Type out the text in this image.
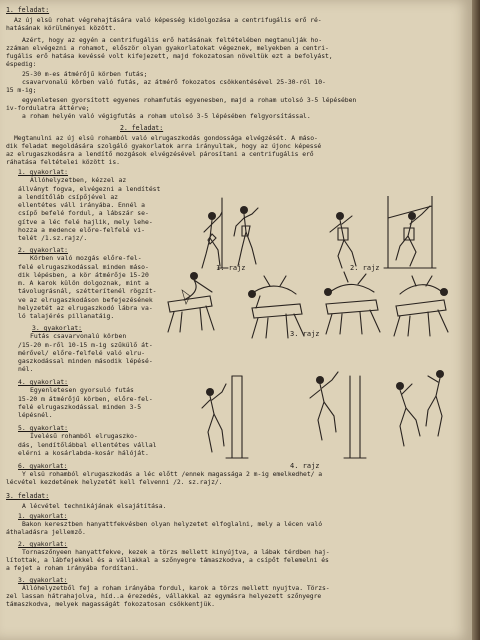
1. feladat:
Az új elsü rohat végrehajtására való képesség kidolgozása a centrifugális erő ré-
hatásának körülményei között.
Azért, hogy az egyén a centrifugális erő hatásának feltételében megtanulják ho-
zzáman elvégezni a rohamot, először olyan gyakorlatokat végeznek, melyekben a centri-
fugális erő hatása kevéssé volt kifejezett, majd fokozatosan növeltük ezt a befolyást,
éspedig:
25-30 m-es átmérőjű körben futás;
csavarvonalú körben való futás, az átmérő fokozatos csökkentésével 25-30-ról 10-
15 m-ig;
egyenletesen gyorsított egyenes rohamfutás egyenesben, majd a roham utolsó 3-5 lépésében
iv-fordulatra áttérve;
a roham helyén való végigfutás a roham utolsó 3-5 lépésében felgyorsítással.
2. feladat:
Megtanulni az új elsü rohamból való elrugaszkodás gondossága elvégzését. A máso-
dik feladat megoldására szolgáló gyakorlatok arra irányultak, hogy az újonc képessé
az elrugaszkodásra a lendítő mozgások elvégzésével párosítani a centrifugális erő
ráhatása feltételei között is.
1. gyakorlat:
Állóhelyzetben, kézzel az
állványt fogva, elvégezni a lendítést
a lendítőláb csípőjével az
ellentétes váll irányába. Ennél a
csípő befelé fordul, a lábszár se-
gítve a léc felé hajlik, mely lehe-
hozza a medence előre-felfelé vi-
telét /1.sz.rajz/.
2. gyakorlat:
Körben való mozgás előre-fel-
felé elrugaszkodással minden máso-
dik lépésben, a kör átmérője 15-20
m. A karok külön dolgoznak, mint a
távolugrásnál, szétterítenél rögzít-
ve az elrugaszkodáson befejezésének
helyzetét az elrugaszkodó lábra va-
ló talajérés pillanatáig.
3. gyakorlat:
Futás csavarvonalú körben
/15-20 m-ről 10-15 m-ig szűkülő át-
mérővel/ előre-felfelé való elru-
gaszkodással minden második lépésé-
nél.
4. gyakorlat:
Egyenletesen gyorsuló futás
15-20 m átmérőjű körben, előre-fel-
felé elrugaszkodással minden 3-5
lépésnél.
5. gyakorlat:
Ívelésű rohamból elrugaszko-
dás, lendítőlábbal ellentétes vállal
elérni a kosárlabda-kosár hálóját.
6. gyakorlat:
Y elsü rohamból elrugaszkodás a léc előtt /ennek magassága 2 m-ig emelkedhet/ a
lécvétel kezdetének helyzetét kell felvenni /2. sz.rajz/.
3. feladat:
A lécvétel technikájának elsajátítása.
1. gyakorlat:
Bakon keresztben hanyattfekvésben olyan helyzetet elfoglalni, mely a lécen való
áthaladásra jellemző.
2. gyakorlat:
Tornaszőnyeen hanyattfekve, kezek a törzs mellett kinyújtva, a lábak térdben haj-
lítottak, a lábfejekkel és a vállakkal a szőnyegre támaszkodva, a csípőt felemelni és
a fejet a roham irányába fordítani.
3. gyakorlat:
Állóhelyzetből fej a roham irányába fordul, karok a törzs mellett nyujtva. Törzs-
zel lassan hátrahajolva, híd..a érezedés, vállakkal az egymásra helyezett szőnyegre
támaszkodva, melyek magasságát fokozatosan csökkentjük.
1. rajz	2. rajz
3. rajz
4. rajz
